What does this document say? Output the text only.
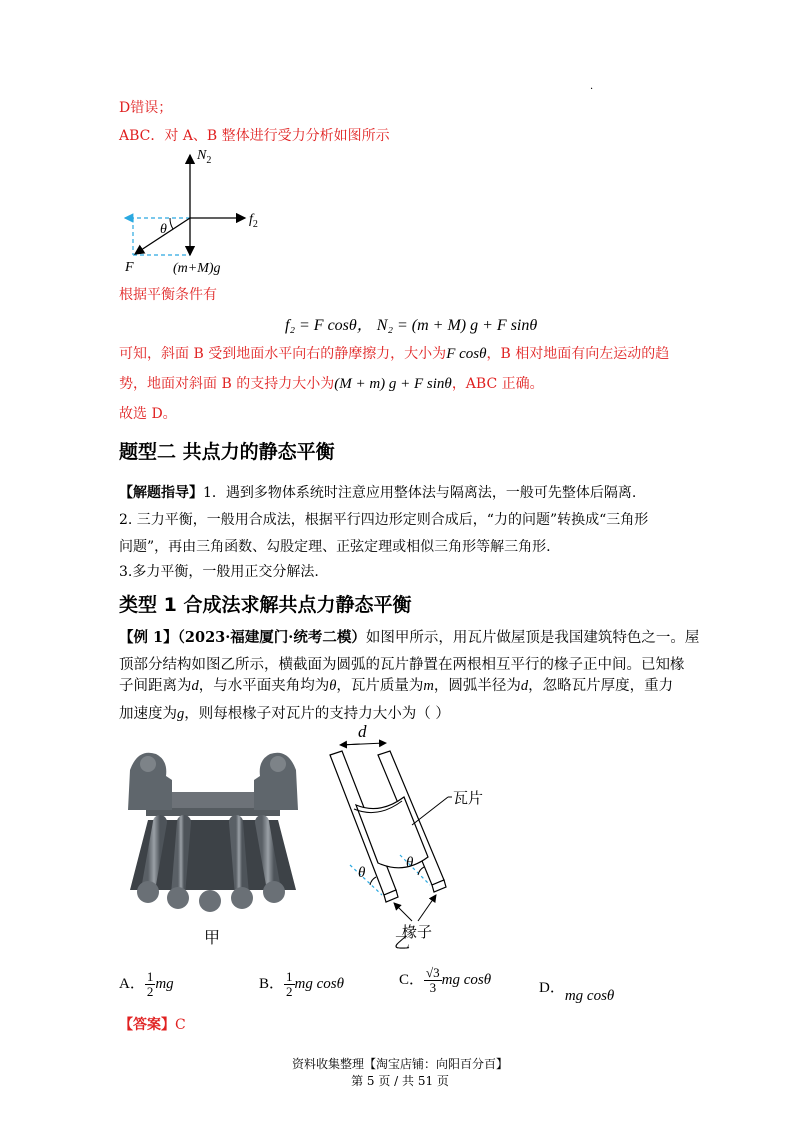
·
D错误；
ABC．对 A、B 整体进行受力分析如图所示
$N_2$
$f_2$
θ
F	(m+M)g
根据平衡条件有
f₂ = F cosθ， N₂ = (m + M) g + F sinθ
可知，斜面 B 受到地面水平向右的静摩擦力，大小为F cosθ，B 相对地面有向左运动的趋
势，地面对斜面 B 的支持力大小为(M + m) g + F sinθ，ABC 正确。
故选 D。
题型二 共点力的静态平衡
【解题指导】1．遇到多物体系统时注意应用整体法与隔离法，一般可先整体后隔离.
2. 三力平衡，一般用合成法，根据平行四边形定则合成后，“力的问题”转换成“三角形
问题”，再由三角函数、勾股定理、正弦定理或相似三角形等解三角形.
3.多力平衡，一般用正交分解法.
类型 1 合成法求解共点力静态平衡
【例 1】（2023·福建厦门·统考二模）如图甲所示，用瓦片做屋顶是我国建筑特色之一。屋
顶部分结构如图乙所示，横截面为圆弧的瓦片静置在两根相互平行的椽子正中间。已知椽
子间距离为d，与水平面夹角均为θ，瓦片质量为m，圆弧半径为d，忽略瓦片厚度，重力
加速度为g，则每根椽子对瓦片的支持力大小为（ ）
甲
d
瓦片
θ
θ
椽子
乙
A． $\frac{1}{2}$ mg	B． $\frac{1}{2}$ mg cosθ	C． $\frac{√3}{3}$ mg cosθ
D．mg cosθ
【答案】C
资料收集整理【淘宝店铺：向阳百分百】
第 5 页 / 共 51 页
